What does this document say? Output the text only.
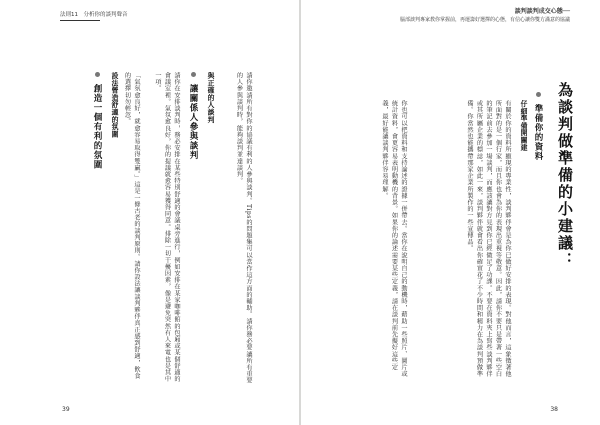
法則11　分析你的談判聲音
創造一個有利的氛圍 設法營造舒適的氛圍	「氣氛愈良好，就愈容易取得雙贏。」這是一條古老的談判原則。請你設法讓談判夥伴真正感到舒適，飲食的選擇切勿輕忽。	請你在安排談判時，務必安排在某些特別舒適的會議桌旁進行，例如安排在某家咖啡館的包廂或某個舒適的會議室裡。氣氛愈良好，你的提議就愈容易獲得同意。排除一切干擾因素，像是避免突然有人來電也是其中一項。
讓關係人參與談判 與正確的人談判	請你邀請所有對你的協議有利的人參與談判。Tips的問題集可以當作這方面的輔助。請你務必要讓所有重要的人參與談判時，能夠談判並達談判。
39
談判談判成交心態──
腦部談判專家教你掌握前，再運籌好選擇的心態，有信心讓你雙方滿意的協議
為談判做準備的小建議：
準備你的資料
仔細準備開關建
有關於你的資料所顯現的專業性，談判夥伴會是為你已做好安排的表現。對他而言，這象徵著他所面對的是一個行家，而且你也會為你的表現出重視等敬意。因此，請你不要只是帶著一些空白的筆記前去參加一場談判，而應該讓對方見到你已經做足了功課。不要在資料夾上寫些談判夥伴或其所屬企業的標誌，如此一來，談判夥伴就會看出你確實花了不少時間和精力在為談判預做準備。你當然也能攜帶那家企業所製作的一些宣傳品。
你也可以把資料和支持論述的證據一併帶去。當你在說明自己的動機時，藉助一些照片、圖片或統計資料，會更容易表明動機的背景。如果你的論述需要某些定義，請在談判前先擬好這些定義，最好能讓談判夥伴容易理解。
38
